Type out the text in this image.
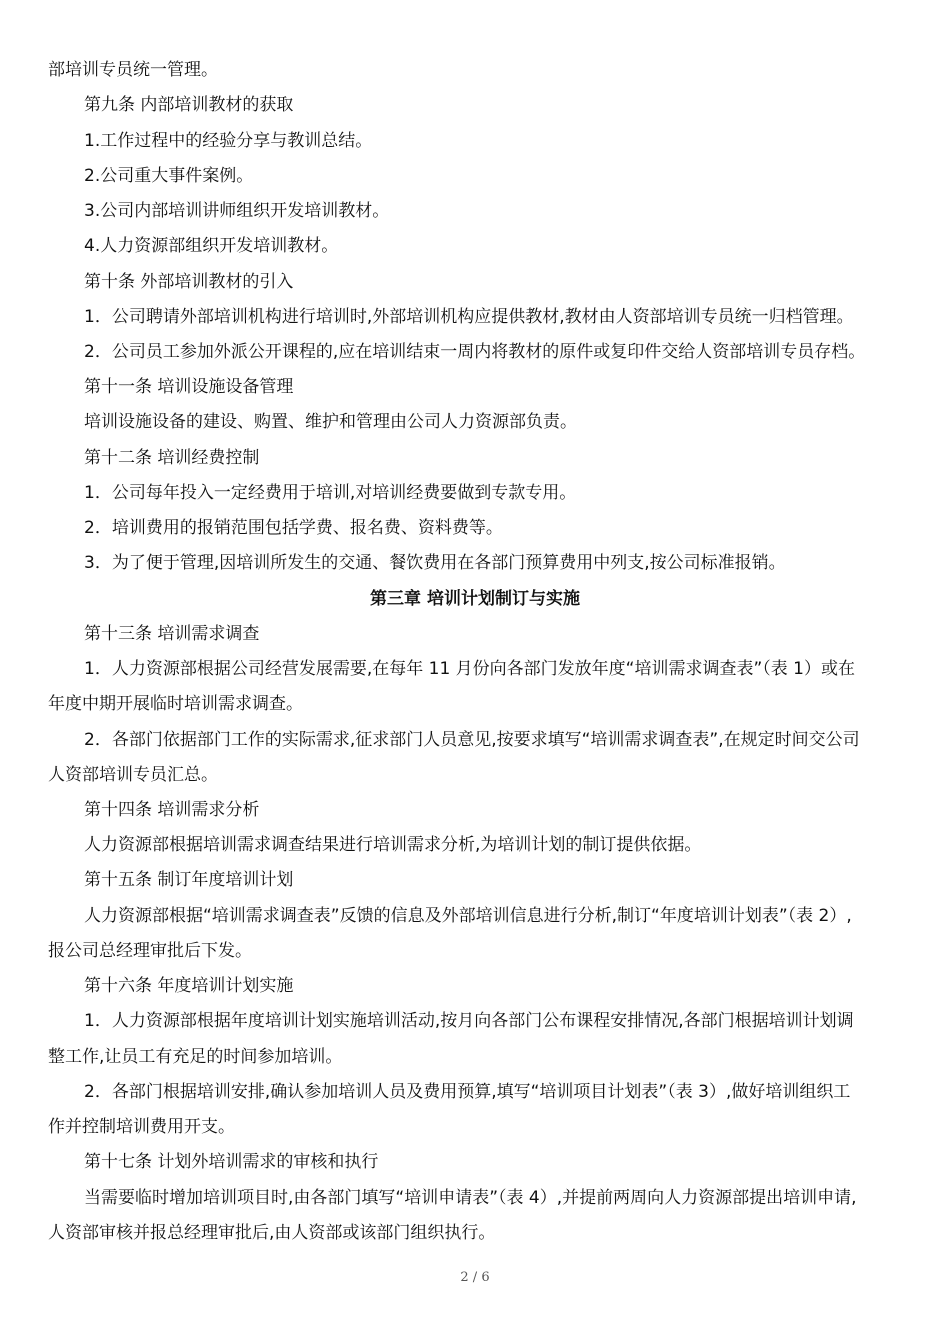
部培训专员统一管理。
第九条 内部培训教材的获取
1.工作过程中的经验分享与教训总结。
2.公司重大事件案例。
3.公司内部培训讲师组织开发培训教材。
4.人力资源部组织开发培训教材。
第十条 外部培训教材的引入
1．公司聘请外部培训机构进行培训时,外部培训机构应提供教材,教材由人资部培训专员统一归档管理。
2．公司员工参加外派公开课程的,应在培训结束一周内将教材的原件或复印件交给人资部培训专员存档。
第十一条 培训设施设备管理
培训设施设备的建设、购置、维护和管理由公司人力资源部负责。
第十二条 培训经费控制
1．公司每年投入一定经费用于培训,对培训经费要做到专款专用。
2．培训费用的报销范围包括学费、报名费、资料费等。
3．为了便于管理,因培训所发生的交通、餐饮费用在各部门预算费用中列支,按公司标准报销。
第三章 培训计划制订与实施
第十三条 培训需求调查
1．人力资源部根据公司经营发展需要,在每年 11 月份向各部门发放年度“培训需求调查表”（表 1）或在
年度中期开展临时培训需求调查。
2．各部门依据部门工作的实际需求,征求部门人员意见,按要求填写“培训需求调查表”,在规定时间交公司
人资部培训专员汇总。
第十四条 培训需求分析
人力资源部根据培训需求调查结果进行培训需求分析,为培训计划的制订提供依据。
第十五条 制订年度培训计划
人力资源部根据“培训需求调查表”反馈的信息及外部培训信息进行分析,制订“年度培训计划表”（表 2）,
报公司总经理审批后下发。
第十六条 年度培训计划实施
1．人力资源部根据年度培训计划实施培训活动,按月向各部门公布课程安排情况,各部门根据培训计划调
整工作,让员工有充足的时间参加培训。
2．各部门根据培训安排,确认参加培训人员及费用预算,填写“培训项目计划表”（表 3）,做好培训组织工
作并控制培训费用开支。
第十七条 计划外培训需求的审核和执行
当需要临时增加培训项目时,由各部门填写“培训申请表”（表 4）,并提前两周向人力资源部提出培训申请,
人资部审核并报总经理审批后,由人资部或该部门组织执行。
2 / 6
